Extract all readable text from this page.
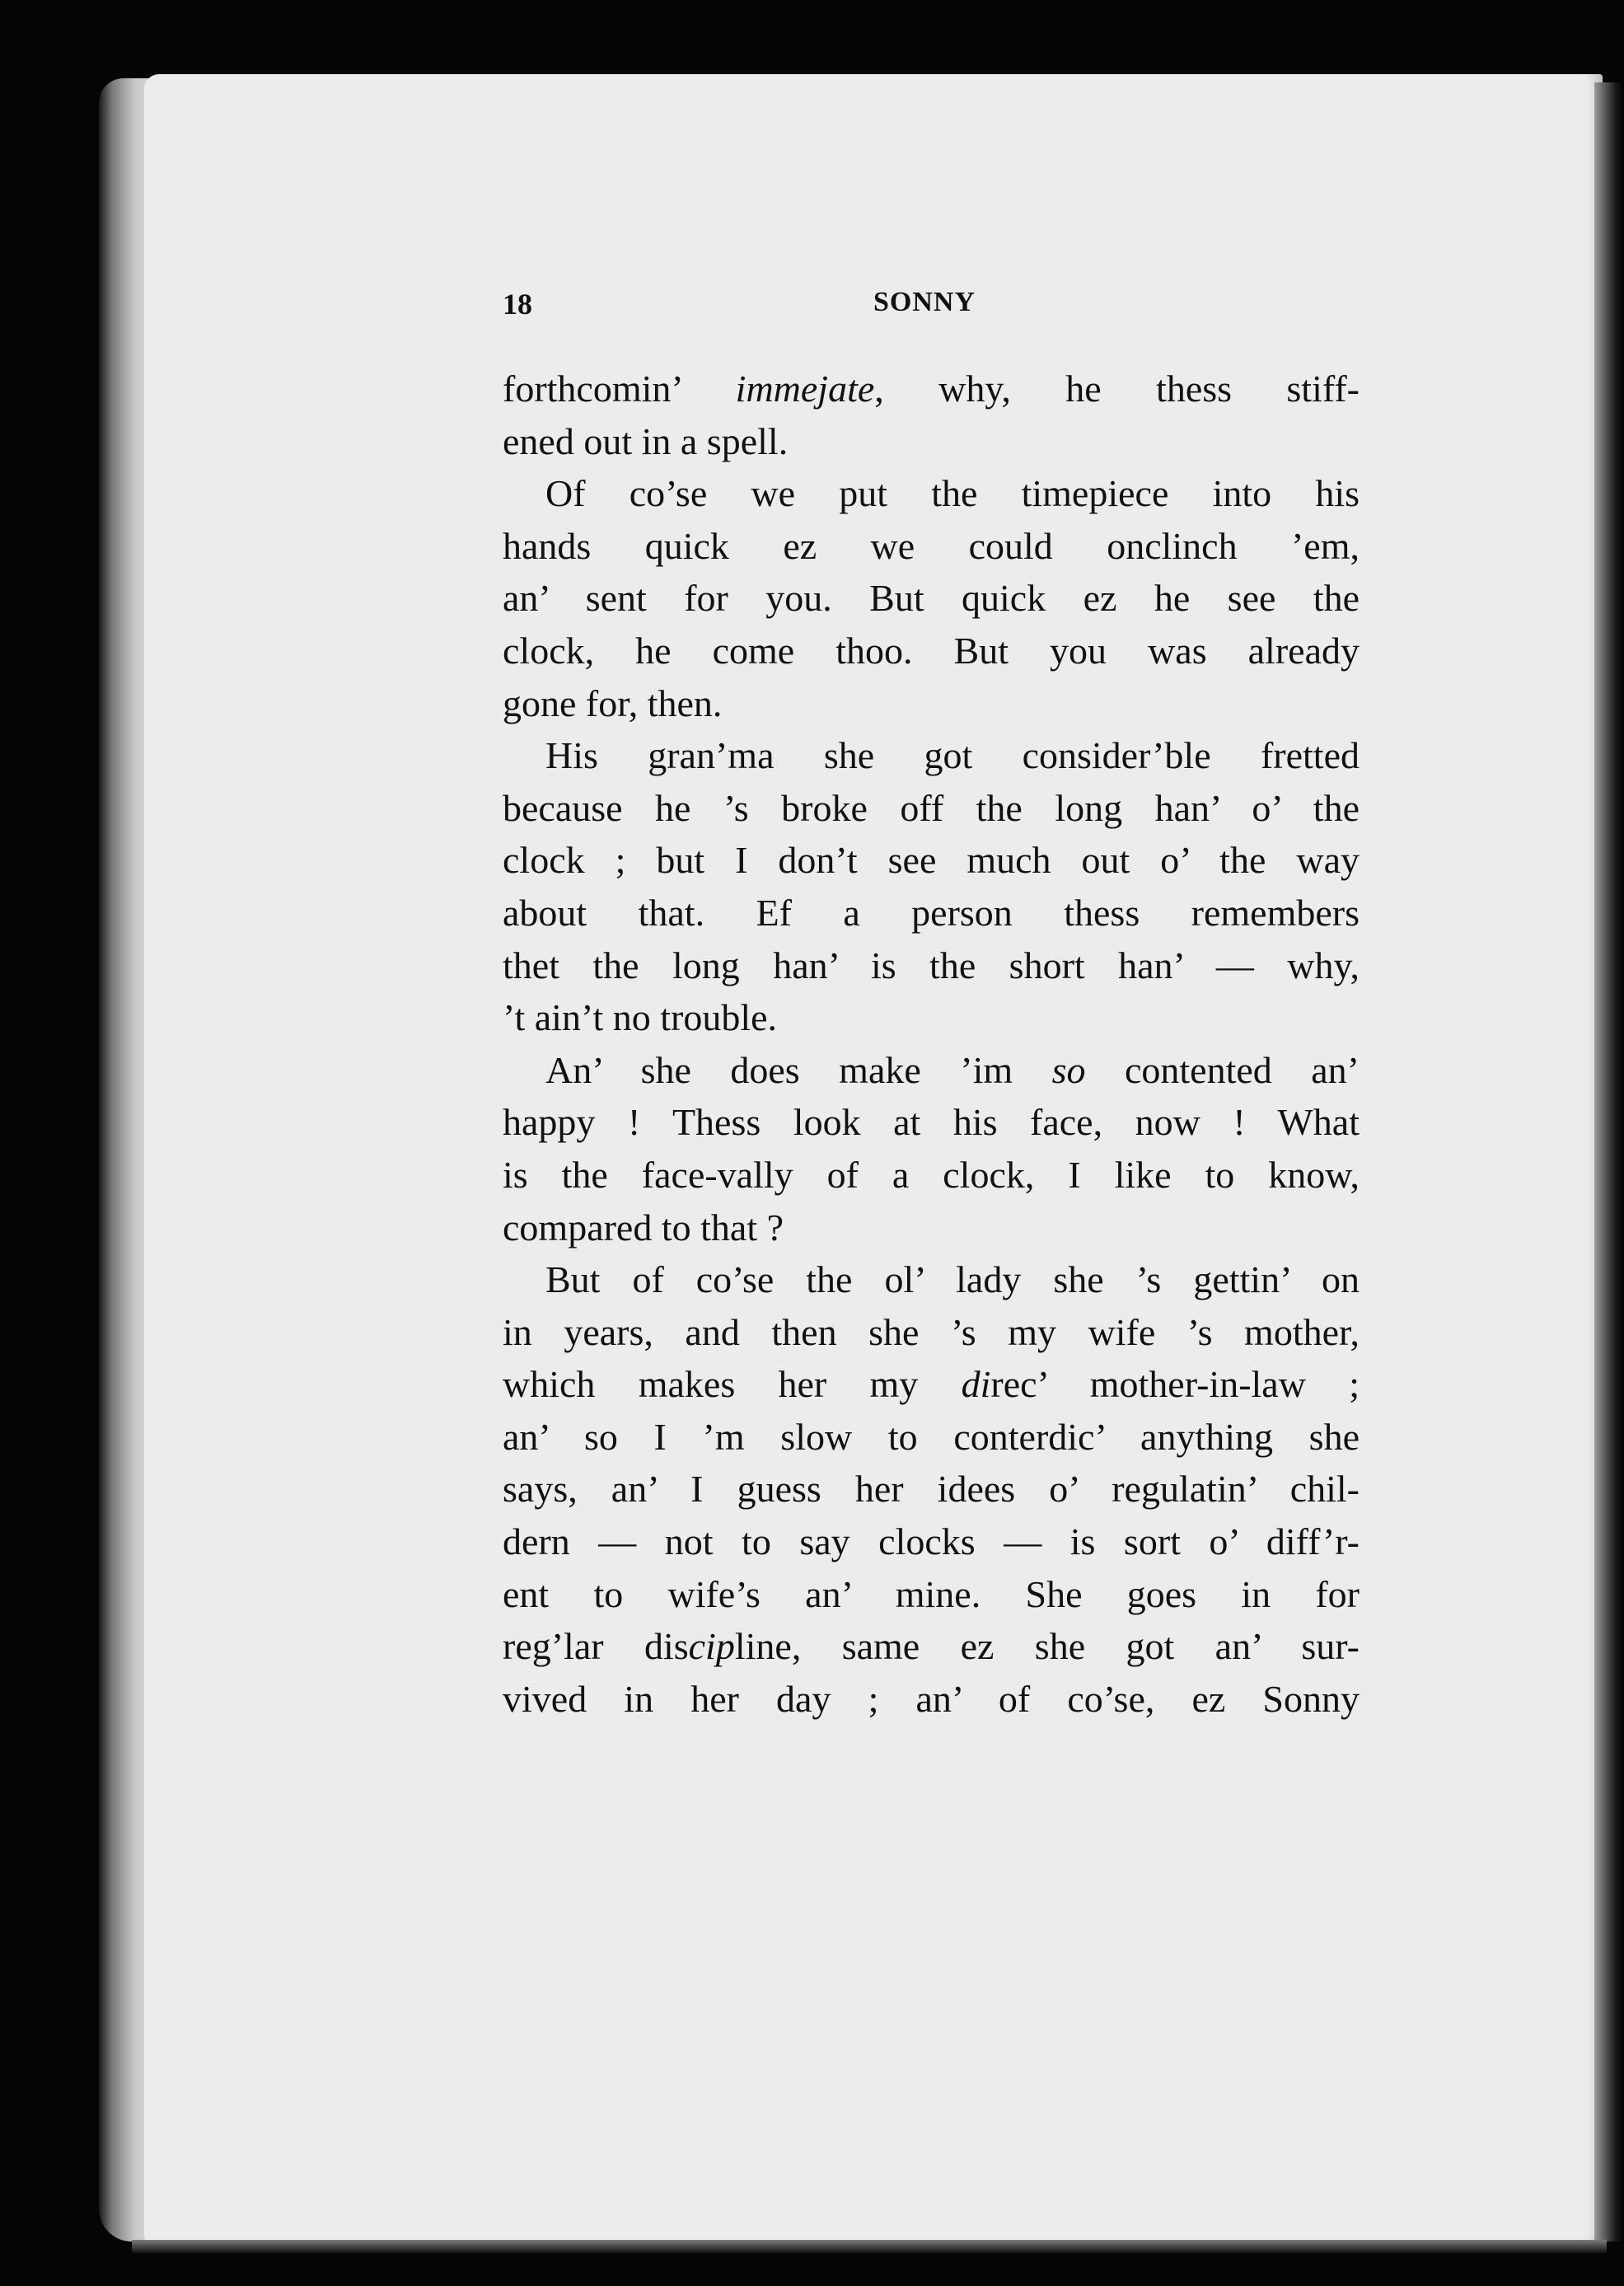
18	SONNY
forthcomin’ immejate, why, he thess stiff-
ened out in a spell.
Of co’se we put the timepiece into his
hands quick ez we could onclinch ’em,
an’ sent for you. But quick ez he see the
clock, he come thoo. But you was already
gone for, then.
His gran’ma she got consider’ble fretted
because he ’s broke off the long han’ o’ the
clock ; but I don’t see much out o’ the way
about that. Ef a person thess remembers
thet the long han’ is the short han’ — why,
’t ain’t no trouble.
An’ she does make ’im so contented an’
happy ! Thess look at his face, now ! What
is the face-vally of a clock, I like to know,
compared to that ?
But of co’se the ol’ lady she ’s gettin’ on
in years, and then she ’s my wife ’s mother,
which makes her my direc’ mother-in-law ;
an’ so I ’m slow to conterdic’ anything she
says, an’ I guess her idees o’ regulatin’ chil-
dern — not to say clocks — is sort o’ diff’r-
ent to wife’s an’ mine. She goes in for
reg’lar discipline, same ez she got an’ sur-
vived in her day ; an’ of co’se, ez Sonny
